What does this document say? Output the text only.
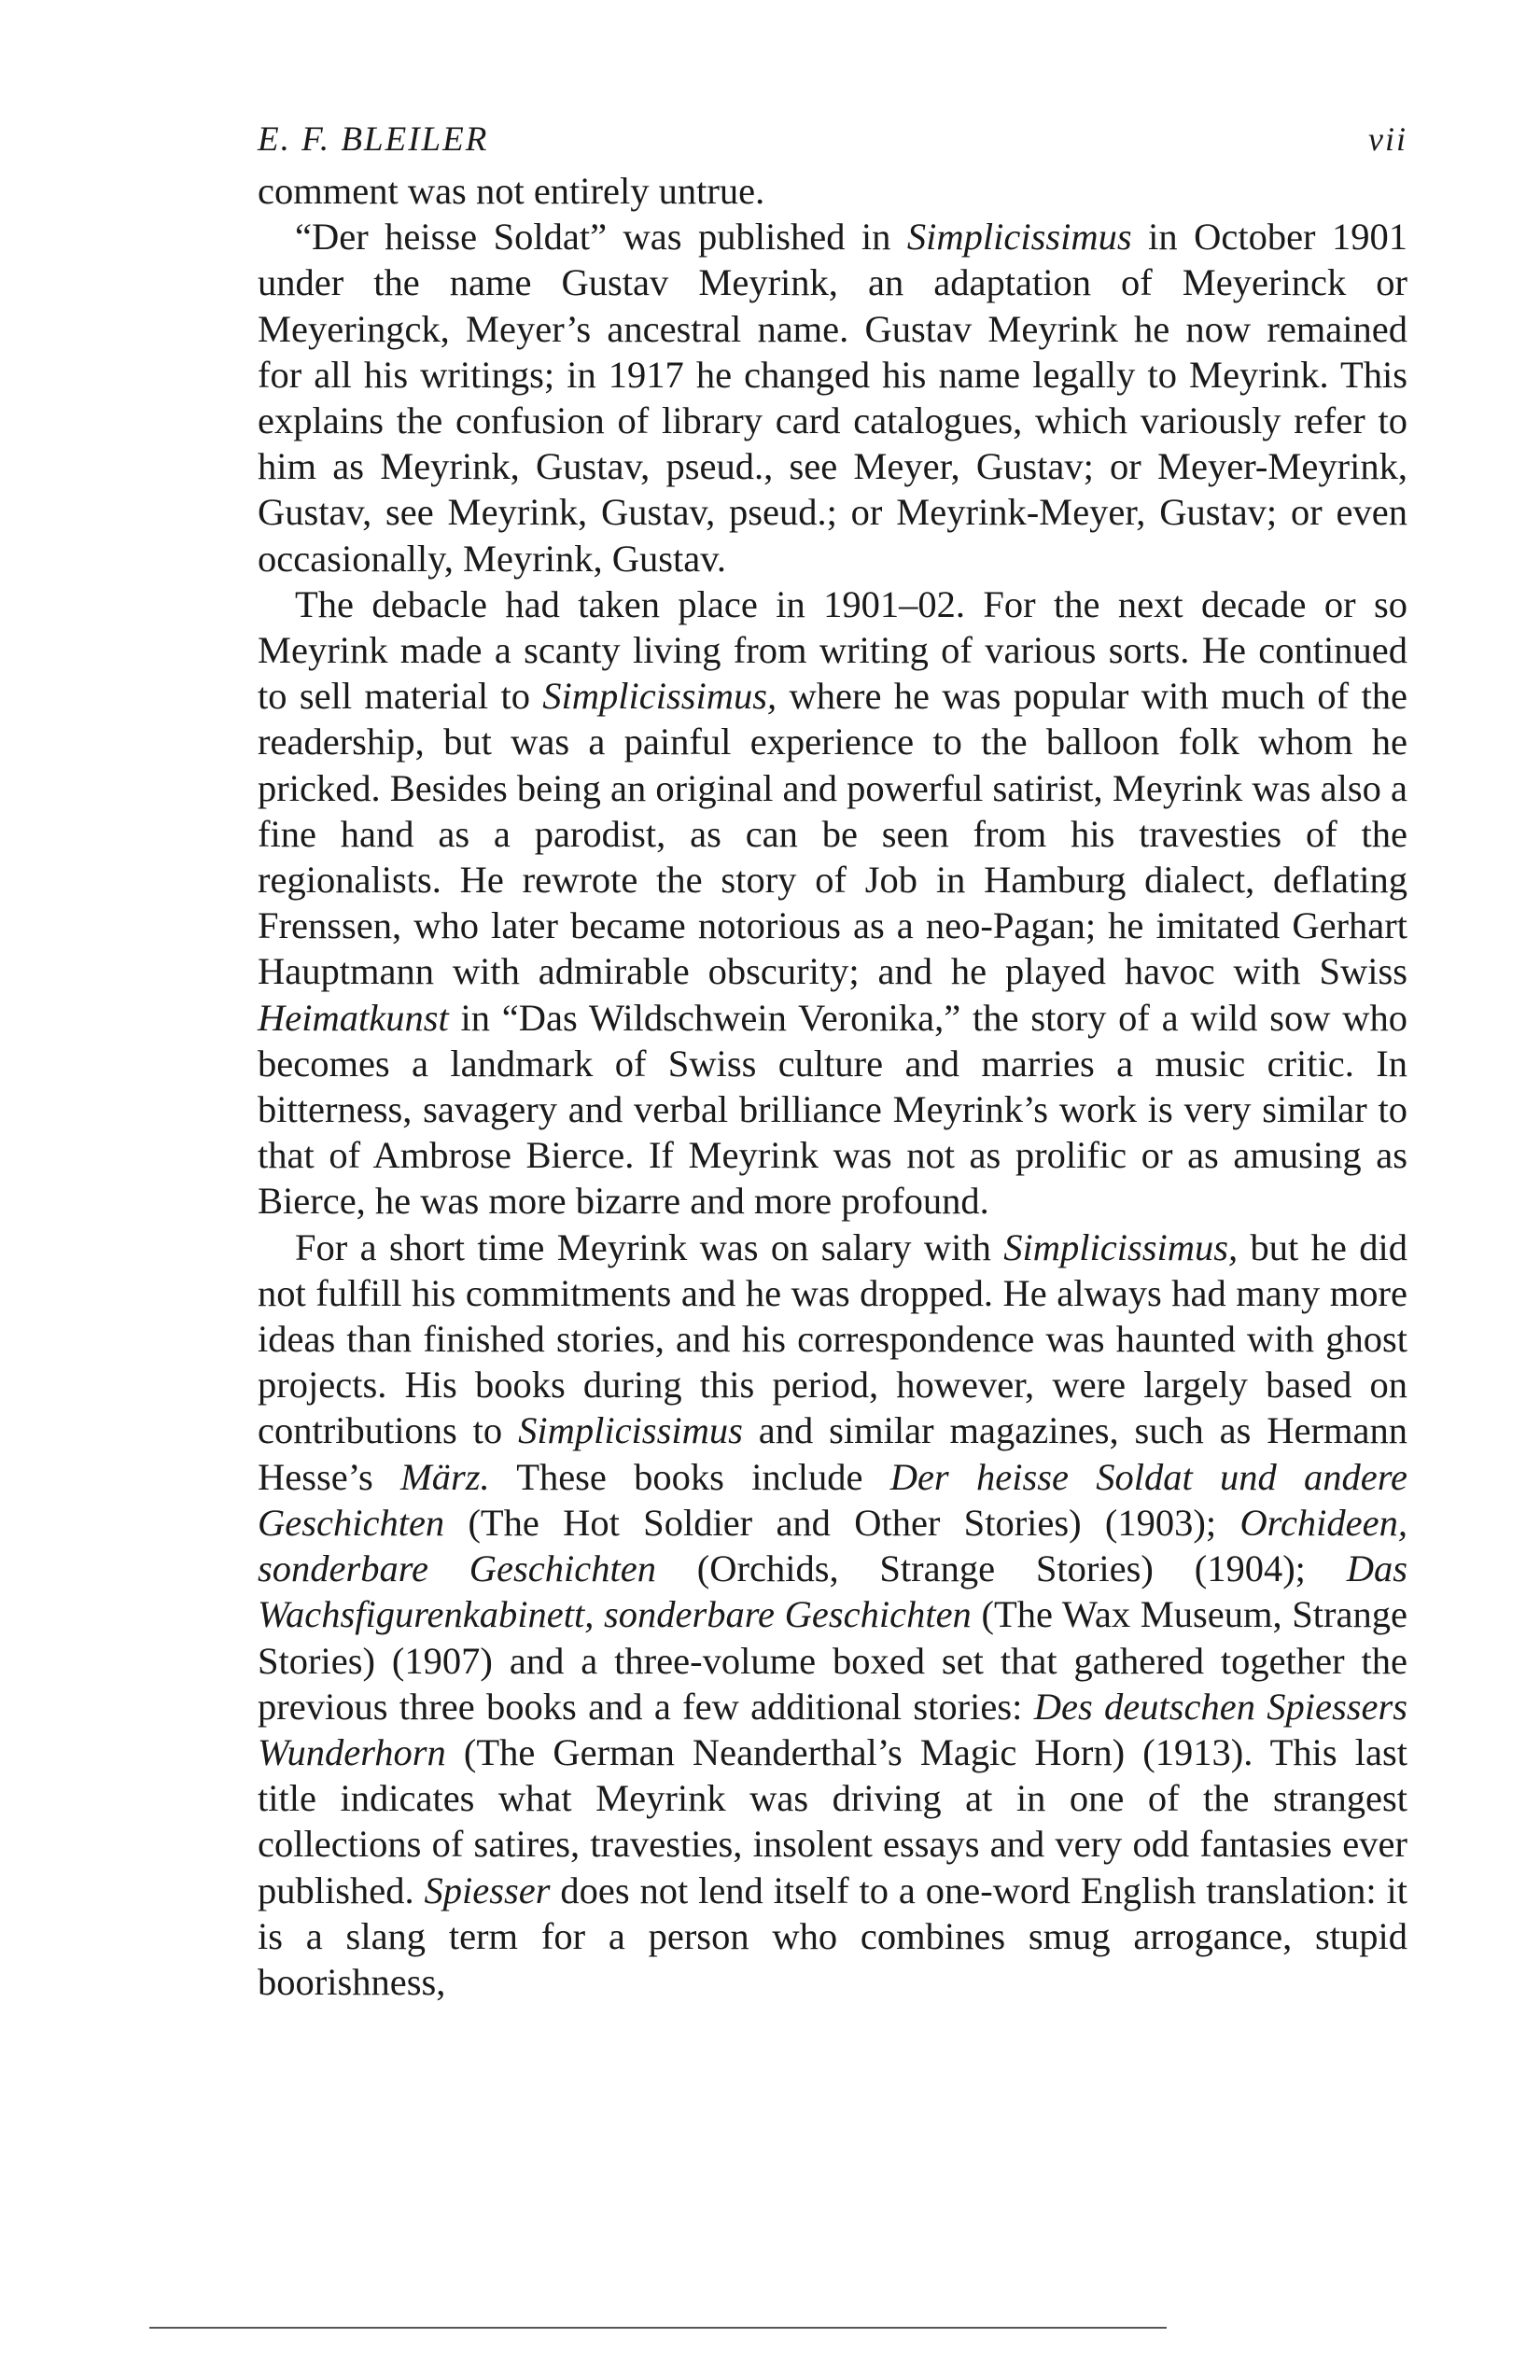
E. F. BLEILER	vii

comment was not entirely untrue.

“Der heisse Soldat” was published in Simplicissimus in October 1901 under the name Gustav Meyrink, an adaptation of Meyerinck or Meyeringck, Meyer’s ancestral name. Gustav Meyrink he now remained for all his writings; in 1917 he changed his name legally to Meyrink. This explains the confusion of library card catalogues, which variously refer to him as Meyrink, Gustav, pseud., see Meyer, Gustav; or Meyer-Meyrink, Gustav, see Meyrink, Gustav, pseud.; or Meyrink-Meyer, Gustav; or even occasionally, Meyrink, Gustav.

The debacle had taken place in 1901–02. For the next decade or so Meyrink made a scanty living from writing of various sorts. He continued to sell material to Simplicissimus, where he was popular with much of the readership, but was a painful experience to the balloon folk whom he pricked. Besides being an original and powerful satirist, Meyrink was also a fine hand as a parodist, as can be seen from his travesties of the regionalists. He rewrote the story of Job in Hamburg dialect, deflating Frenssen, who later became notorious as a neo-Pagan; he imitated Gerhart Hauptmann with admirable obscurity; and he played havoc with Swiss Heimatkunst in “Das Wildschwein Veronika,” the story of a wild sow who becomes a landmark of Swiss culture and marries a music critic. In bitterness, savagery and verbal brilliance Meyrink’s work is very similar to that of Ambrose Bierce. If Meyrink was not as prolific or as amusing as Bierce, he was more bizarre and more profound.

For a short time Meyrink was on salary with Simplicissimus, but he did not fulfill his commitments and he was dropped. He always had many more ideas than finished stories, and his correspondence was haunted with ghost projects. His books during this period, however, were largely based on contributions to Simplicissimus and similar magazines, such as Hermann Hesse’s März. These books include Der heisse Soldat und andere Geschichten (The Hot Soldier and Other Stories) (1903); Orchideen, sonderbare Geschichten (Orchids, Strange Stories) (1904); Das Wachsfigurenkabinett, sonderbare Geschichten (The Wax Museum, Strange Stories) (1907) and a three-volume boxed set that gathered together the previous three books and a few additional stories: Des deutschen Spiessers Wunderhorn (The German Neanderthal’s Magic Horn) (1913). This last title indicates what Meyrink was driving at in one of the strangest collections of satires, travesties, insolent essays and very odd fantasies ever published. Spiesser does not lend itself to a one-word English translation: it is a slang term for a person who combines smug arrogance, stupid boorishness,
